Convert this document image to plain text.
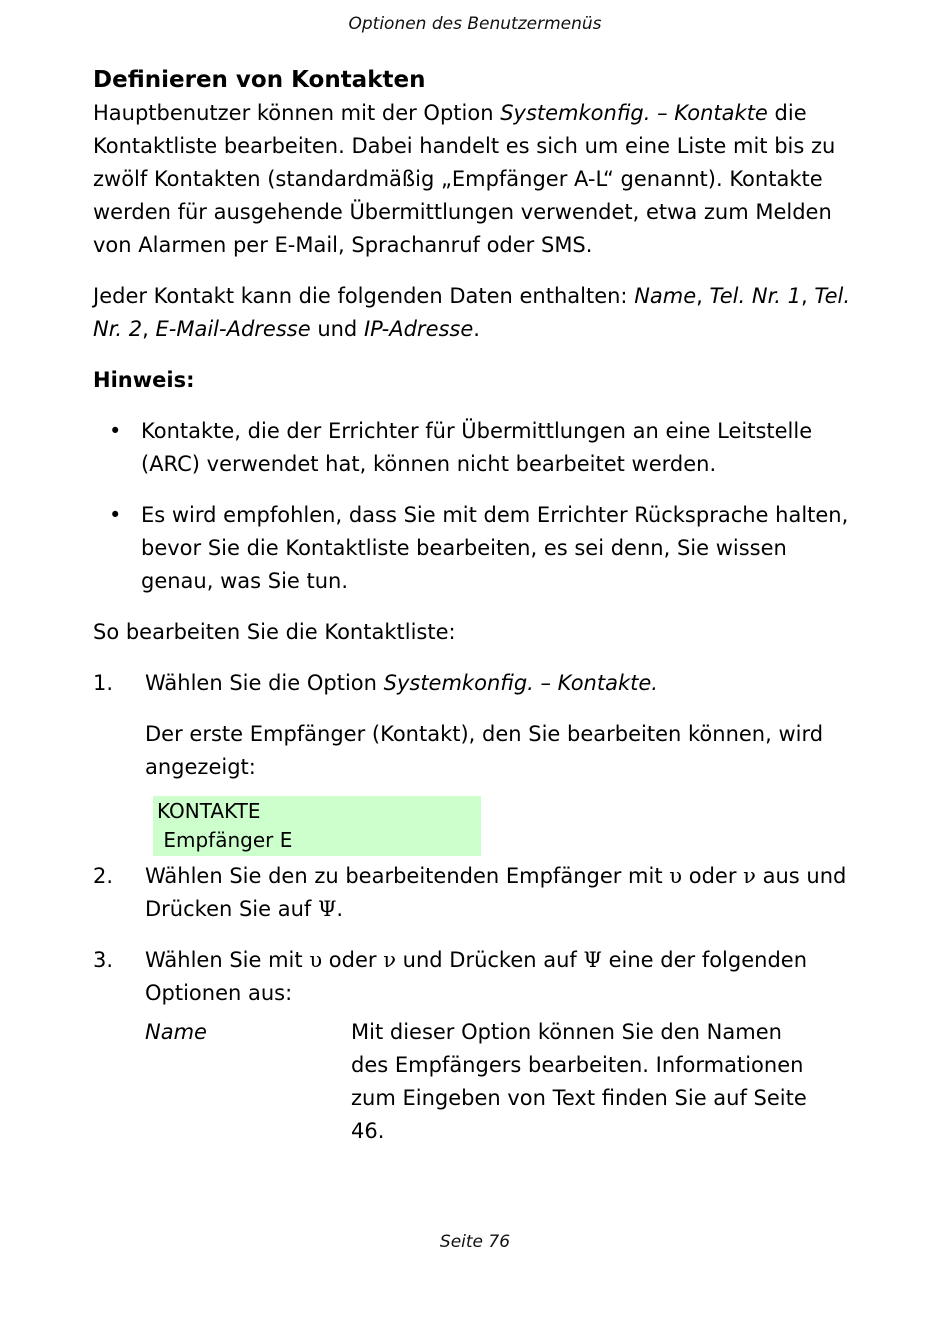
Optionen des Benutzermenüs
Definieren von Kontakten

Hauptbenutzer können mit der Option Systemkonfig. – Kontakte die Kontaktliste bearbeiten. Dabei handelt es sich um eine Liste mit bis zu zwölf Kontakten (standardmäßig „Empfänger A-L“ genannt). Kontakte werden für ausgehende Übermittlungen verwendet, etwa zum Melden von Alarmen per E-Mail, Sprachanruf oder SMS.

Jeder Kontakt kann die folgenden Daten enthalten: Name, Tel. Nr. 1, Tel. Nr. 2, E-Mail-Adresse und IP-Adresse.

Hinweis:

• Kontakte, die der Errichter für Übermittlungen an eine Leitstelle (ARC) verwendet hat, können nicht bearbeitet werden.
• Es wird empfohlen, dass Sie mit dem Errichter Rücksprache halten, bevor Sie die Kontaktliste bearbeiten, es sei denn, Sie wissen genau, was Sie tun.

So bearbeiten Sie die Kontaktliste:

1. Wählen Sie die Option Systemkonfig. – Kontakte.
Der erste Empfänger (Kontakt), den Sie bearbeiten können, wird angezeigt:
KONTAKTE
Empfänger E
2. Wählen Sie den zu bearbeitenden Empfänger mit υ oder ν aus und Drücken Sie auf Ψ.
3. Wählen Sie mit υ oder ν und Drücken auf Ψ eine der folgenden Optionen aus:
Name	Mit dieser Option können Sie den Namen des Empfängers bearbeiten. Informationen zum Eingeben von Text finden Sie auf Seite 46.
Seite 76
